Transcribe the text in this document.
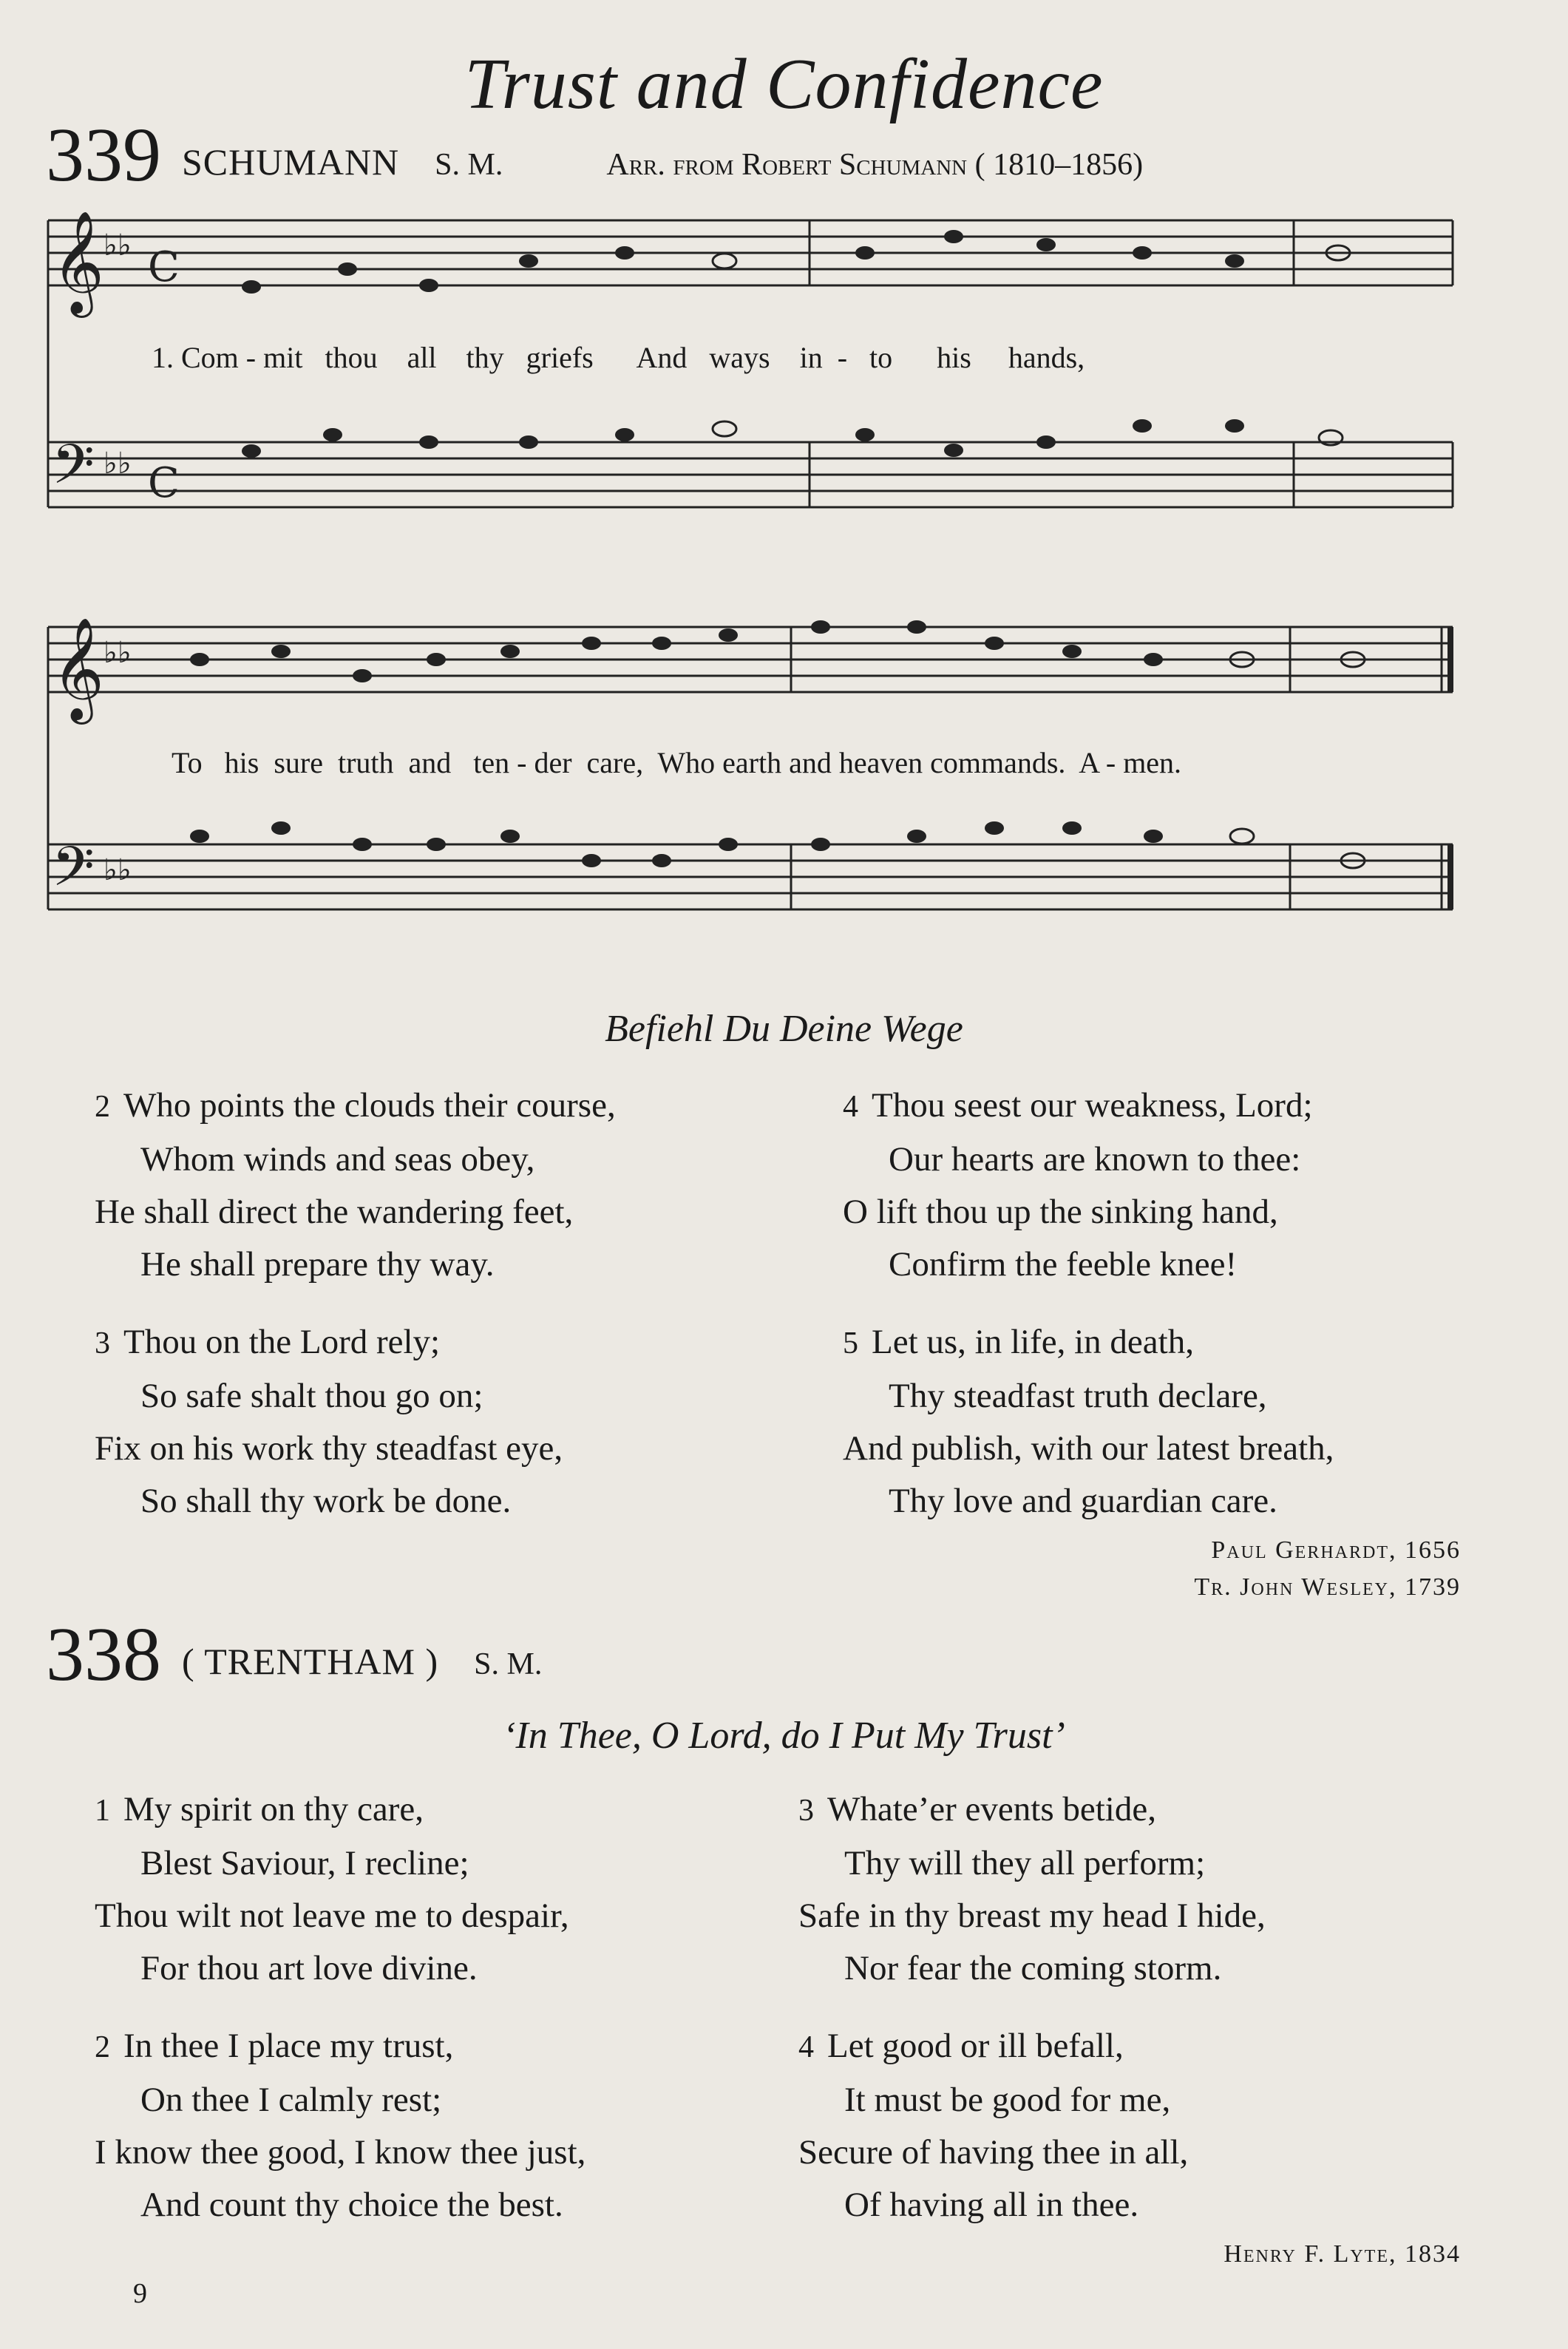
Trust and Confidence
339 SCHUMANN S. M.	Arr. from Robert Schumann ( 1810–1856)
𝄞
𝄢
𝄞
𝄢
♭♭ C
♭♭ C
♭♭
♭♭
1. Com - mit   thou    all    thy   griefs      And   ways    in  -   to      his     hands,
To   his  sure  truth  and   ten - der  care,  Who earth and heaven commands.  A - men.
Befiehl Du Deine Wege
2 Who points the clouds their course,
Whom winds and seas obey,
He shall direct the wandering feet,
He shall prepare thy way.
3 Thou on the Lord rely;
So safe shalt thou go on;
Fix on his work thy steadfast eye,
So shall thy work be done.
4 Thou seest our weakness, Lord;
Our hearts are known to thee:
O lift thou up the sinking hand,
Confirm the feeble knee!
5 Let us, in life, in death,
Thy steadfast truth declare,
And publish, with our latest breath,
Thy love and guardian care.
Paul Gerhardt, 1656
Tr. John Wesley, 1739
338 ( TRENTHAM ) S. M.
‘In Thee, O Lord, do I Put My Trust’
1 My spirit on thy care,
Blest Saviour, I recline;
Thou wilt not leave me to despair,
For thou art love divine.
2 In thee I place my trust,
On thee I calmly rest;
I know thee good, I know thee just,
And count thy choice the best.
3 Whate’er events betide,
Thy will they all perform;
Safe in thy breast my head I hide,
Nor fear the coming storm.
4 Let good or ill befall,
It must be good for me,
Secure of having thee in all,
Of having all in thee.
Henry F. Lyte, 1834
9
